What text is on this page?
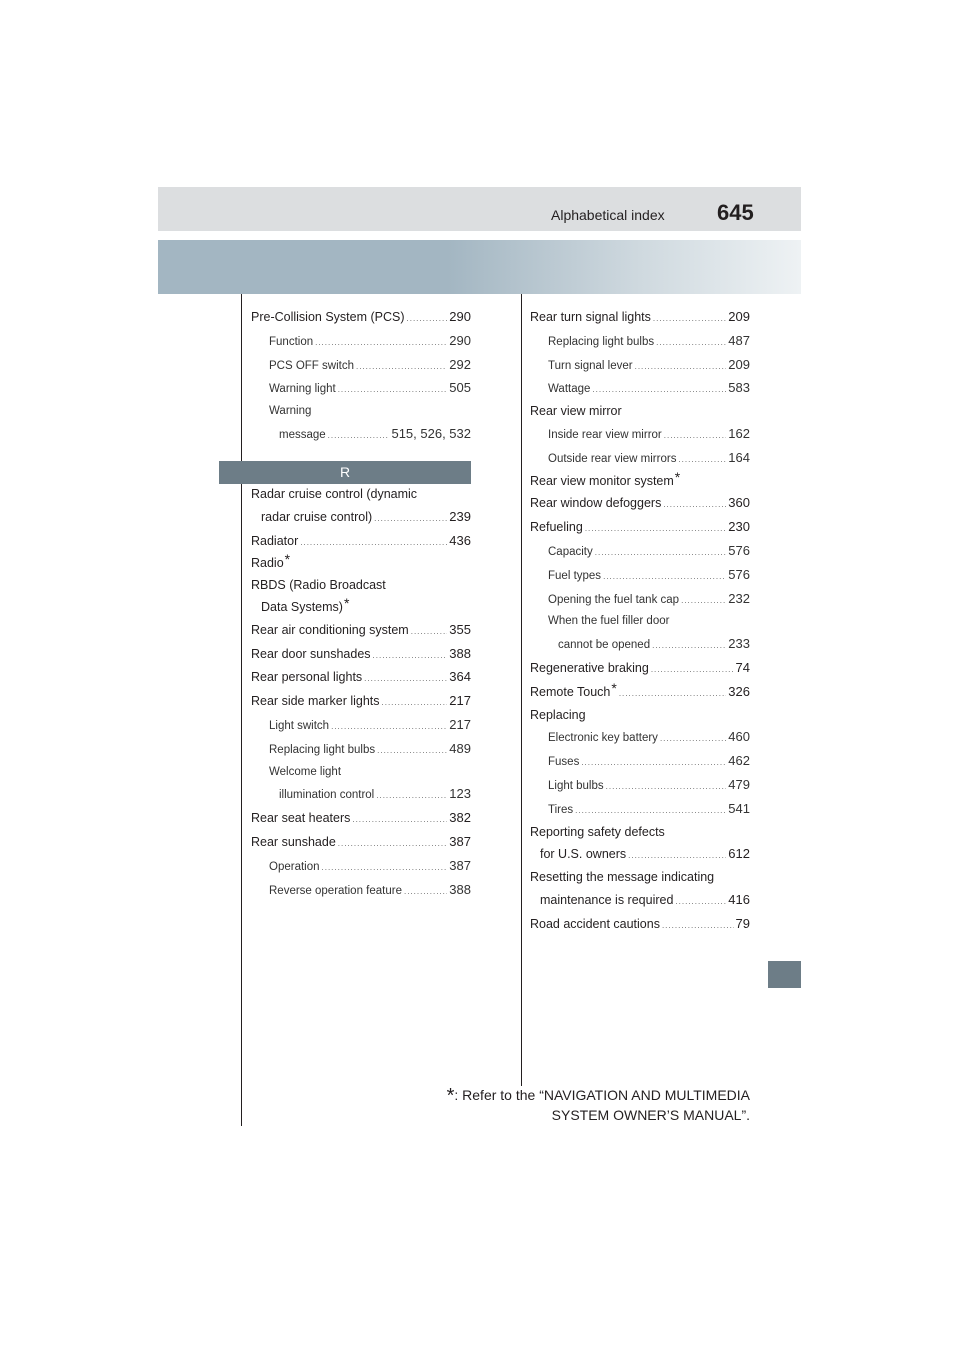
Alphabetical index 645
Pre-Collision System (PCS) .....	290
Function .....	290
PCS OFF switch .....	292
Warning light .....	505
Warning
message .....	515, 526, 532
R
Radar cruise control (dynamic
radar cruise control) .....	239
Radiator .....	436
Radio*
RBDS (Radio Broadcast
Data Systems)*
Rear air conditioning system .....	355
Rear door sunshades .....	388
Rear personal lights .....	364
Rear side marker lights .....	217
Light switch .....	217
Replacing light bulbs .....	489
Welcome light
illumination control .....	123
Rear seat heaters .....	382
Rear sunshade .....	387
Operation .....	387
Reverse operation feature .....	388
Rear turn signal lights .....	209
Replacing light bulbs .....	487
Turn signal lever .....	209
Wattage .....	583
Rear view mirror
Inside rear view mirror .....	162
Outside rear view mirrors .....	164
Rear view monitor system*
Rear window defoggers .....	360
Refueling .....	230
Capacity .....	576
Fuel types .....	576
Opening the fuel tank cap .....	232
When the fuel filler door
cannot be opened .....	233
Regenerative braking .....	74
Remote Touch* .....	326
Replacing
Electronic key battery .....	460
Fuses .....	462
Light bulbs .....	479
Tires .....	541
Reporting safety defects
for U.S. owners .....	612
Resetting the message indicating
maintenance is required .....	416
Road accident cautions .....	79
*: Refer to the “NAVIGATION AND MULTIMEDIA
SYSTEM OWNER’S MANUAL”.
